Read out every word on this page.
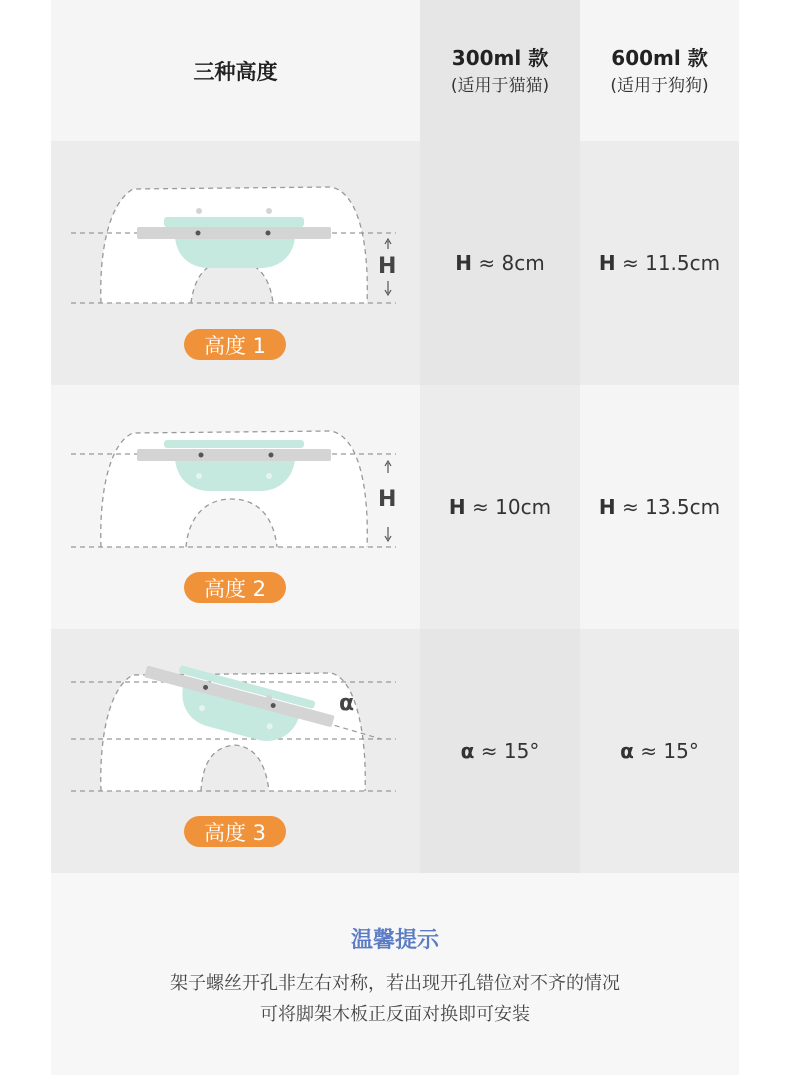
三种高度
300ml 款
(适用于猫猫)
600ml 款
(适用于狗狗)
H
高度 1
H ≈ 8cm	H ≈ 11.5cm
H
高度 2
H ≈ 10cm H ≈ 13.5cm
α
高度 3
α ≈ 15°	α ≈ 15°
温馨提示
架子螺丝开孔非左右对称，若出现开孔错位对不齐的情况
可将脚架木板正反面对换即可安装
